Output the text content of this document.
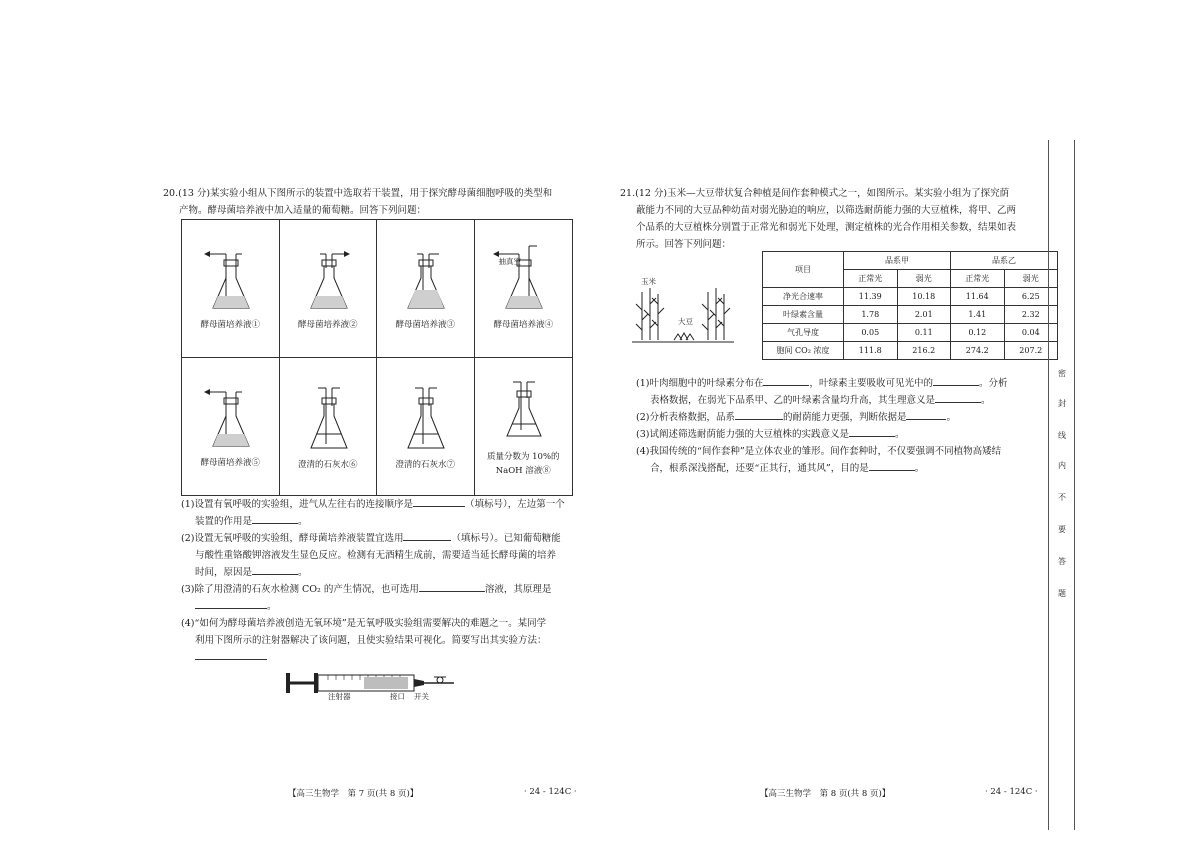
20.(13 分)某实验小组从下图所示的装置中选取若干装置，用于探究酵母菌细胞呼吸的类型和
产物。酵母菌培养液中加入适量的葡萄糖。回答下列问题：
酵母菌培养液①	酵母菌培养液②	酵母菌培养液③
抽真空
酵母菌培养液④
酵母菌培养液⑤	澄清的石灰水⑥	澄清的石灰水⑦
质量分数为 10%的
NaOH 溶液⑧
(1)设置有氧呼吸的实验组，进气从左往右的连接顺序是	（填标号），左边第一个
装置的作用是	。
(2)设置无氧呼吸的实验组，酵母菌培养液装置宜选用	（填标号）。已知葡萄糖能
与酸性重铬酸钾溶液发生显色反应。检测有无酒精生成前，需要适当延长酵母菌的培养
时间，原因是	。
(3)除了用澄清的石灰水检测 CO₂ 的产生情况，也可选用	溶液，其原理是
。
(4)“如何为酵母菌培养液创造无氧环境”是无氧呼吸实验组需要解决的难题之一。某同学
利用下图所示的注射器解决了该问题，且使实验结果可视化。简要写出其实验方法：
注射器	接口 开关
21.(12 分)玉米—大豆带状复合种植是间作套种模式之一，如图所示。某实验小组为了探究荫
蔽能力不同的大豆品种幼苗对弱光胁迫的响应，以筛选耐荫能力强的大豆植株，将甲、乙两
个品系的大豆植株分别置于正常光和弱光下处理，测定植株的光合作用相关参数，结果如表
所示。回答下列问题：
玉米
大豆
项目	品系甲		品系乙	
	正常光	弱光	正常光	弱光
净光合速率	11.39	10.18	11.64	6.25
叶绿素含量	1.78	2.01	1.41	2.32
气孔导度	0.05	0.11	0.12	0.04
胞间 CO₂ 浓度	111.8	216.2	274.2	207.2
(1)叶肉细胞中的叶绿素分布在	，叶绿素主要吸收可见光中的	。分析
表格数据，在弱光下品系甲、乙的叶绿素含量均升高，其生理意义是	。
(2)分析表格数据，品系	的耐荫能力更强，判断依据是	。
(3)试阐述筛选耐荫能力强的大豆植株的实践意义是	。
(4)我国传统的“间作套种”是立体农业的雏形。间作套种时，不仅要强调不同植物高矮结
合，根系深浅搭配，还要“正其行，通其风”，目的是	。
密
封
线
内
不
要
答
题
【高三生物学　第 7 页(共 8 页)】	· 24 - 124C ·	【高三生物学　第 8 页(共 8 页)】	· 24 - 124C ·
